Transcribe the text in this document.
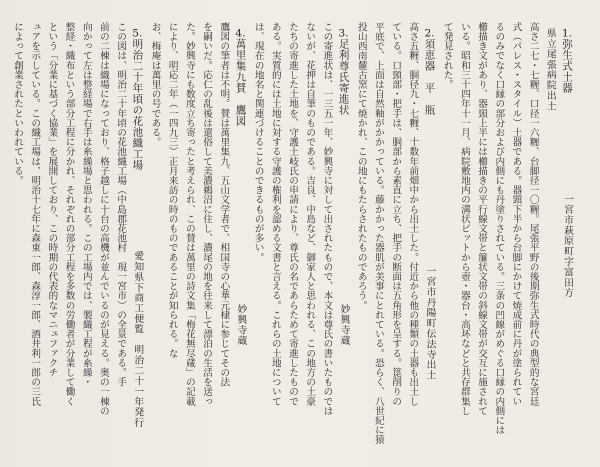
1.弥生式土器一宮市萩原町字富田方
県立尾張病院出土
高さ二七・七糎、口径一六糎、台脚径一〇糎。尾張平野の後期弥生式時代の典型的な宮廷
式（パレス・スタイル）土器である。器頸下半から台脚にかけて焼成前に丹が塗られてい
るのみでなく口縁の部分および内側にも丹塗りされている。三条の凹線がめぐる口縁の内側には
櫛描き文があり、器頸上半には櫛描きの平行線文帯と簾状文帯の斜線文帯が交互に施されて
いる。昭和三十四年十一月、病院敷地内の溝状ピットから壺・器台・高坏などと共存群集し
て発見された。
2.須恵器　平　瓶一宮市丹陽町伝法寺出土
高さ五糎、胴径九・七糎、十数年前畑中から出土した。付近から他の種類の土器も出土し
ている。口頸部・把手は、胴部から素直に立ち、把手の断面は五角形を呈する。箆削りの
平底で、上面は自然釉がかかっている。藤かかった器肌が美事にとれている。恐らく、八世紀に猿
投山西南麓古窯にて焼かれ、この地にもたらされたものであろう。
3.足利尊氏寄進状妙興寺蔵
この寄進状は、一三五一年、妙興寺に対して出されたもので、本文は尊氏の書いたものでは
ないが、花押は自筆のものである。吉良、中島など、御家人と思われる、この地方の土豪
たちの寄進した土地を、守護土岐氏の申請により、尊氏の名であらためて寄進したもので
ある。実質的には土地に対する守護の権利を認める文書と言える。これらの土地について
は、現在の地名と関連づけることのできるものが多い。
4.萬里集九賛　鷹図妙興寺蔵
鷹図の筆者は不明。賛は萬里集九、五山文学者で、相国寺の心華元棣に参じてその法
を嗣いだ。応仁の乱後は還俗して美濃鵜沼に住し、濃尾の地を往来して漂泊の生活を送っ
た。妙興寺にも数度立ち寄ったと考えられ、この賛は萬里の詩文集「梅花無尽蔵」の記載
により、明応二年（一四九三）正月来訪の時のものであることが知られる。な
お、梅庵は萬里の号である。
5.明治二十年頃の花池織工場愛知県下商工便覧　明治二十一年発行
この図は、明治二十年頃の花池織工場（中島郡花池村　現一宮市）の全景である。手
前の二棟は織場になっており、格子越しに十台の高機が並んでいるのが見える。奥の一棟の
向かって左は整経場で右手は糸繰場と思われる。この工場内では、製織工程が糸繰・
整経・織布という部分工程に分かれ、それぞれの部分工程を多数の労働者が分業して働く
という「分業に基づく協業」を展開しており、この時期の代表的なマニュファクチ
ュアを示している。この織工場は、明治十七年に森東一郎、森淳一郎、酒井利一郎の三氏
によって創業されたといわれている。
